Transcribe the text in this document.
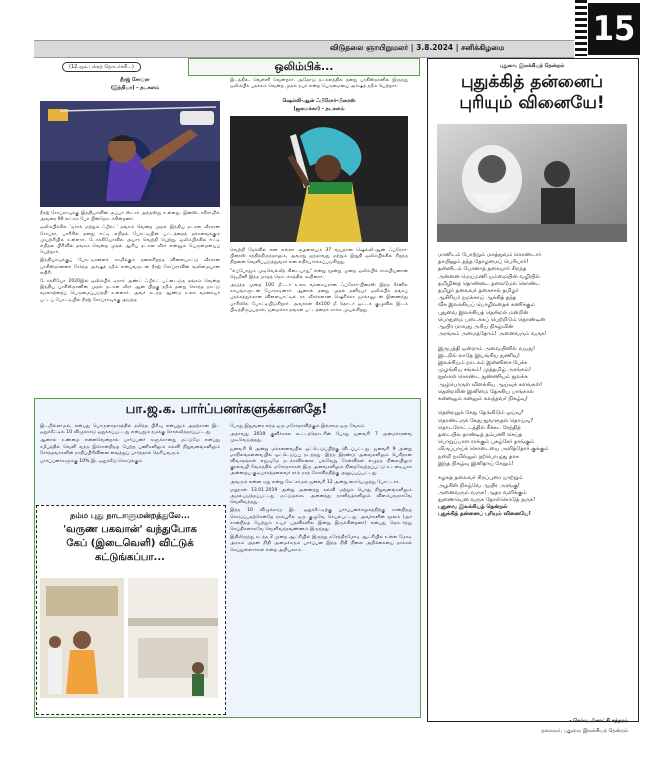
விடுதலை ஞாயிறுமலர் | 3.8.2024 | சனிக்கிழமை	15
(12ஆம் பக்கத் தொடர்ச்சி...)
நீரஜ் சோப்ரா
(இந்தியா) - தடகளம்

நீரஜ் சோப்ராவுக்கு இந்தியாவின் சூப்பர் ஸ்டார் அந்தஸ்து உள்ளது. இன்ஸ்டாகிராமில் அவரை 90 லட்சம் பேர் பின்தொடர்கின்றனர்.

ஒலிம்பிக்கில் 'டிராக் மற்றும் ஃபீல்ட்' தங்கம் வென்ற முதல் இந்திய தடகள வீரரான சோப்ரா, பாரிசில் தனது ஈட்டி எறிதல் போட்டியின் பட்டத்தைத் தக்கவைக்கும் முயற்சியில் உள்ளார். டோக்கியோவில் அபார வெற்றி பெற்று, ஒலிம்பிக்கில் ஈட்டி எறிதல் பிரிவில் தங்கம் வென்ற முதல் ஆசிய தடகள வீரர் என்னும் பெருமையைப் பெற்றார்.

இந்தியாவுக்குப் போட்டிகளைக் காமிக்கும் தலைசிறந்த விளையாட்டு வீரரான பாகிஸ்தானைச் சேர்ந்த அர்ஷத் நதீம் என்பவருடன் நீரஜ் சோப்ராவின் வலிமையான எதிரி.

டோக்கியோ 2020இல் ஒலிம்பிக் டிராக் அண்ட் ஃபீல்ட் பட்டைஞ்த தங்கம் வென்ற இந்திய பாகிஸ்தானின் முதல் தடகள வீரர் ஆன பிறகு நதீம் தனது சொந்த நாட்டு வரலாற்றைப் பெருமைப்படுத்தி உள்ளார். அவர் கடந்த ஆண்டு உலக வாகையர் பட்டப் போட்டியில் நீரஜ் சோப்ராவுக்கு அடுத்த

ஒலிம்பிக்...
இடத்தில், வெள்ளி வென்றார். அதோடு தடகளத்தில் தனது பாகிஸ்தானில் இருந்து ஒலிம்பிக் பதக்கம் வென்ற முதல் நபர் என்ற பெருமையை அர்ஷத் நதீம் பெற்றார்.
ஷெல்லி-ஆன் ஃபிரேசர்-பிரைஸ்
(ஜமைக்கா) - தடகளம்

வெற்றி தேர்வில் என எல்லா சூழலையும் 37 வயதான ஷெல்லி-ஆன் ஃப்ரேசர்-பிரைஸ் சந்தித்திருந்தாலும், அவரது ஐந்தாவது மற்றும் இறுதி ஒலிம்பிக்கில் சிறந்த திறனை வெளிப்படுத்துவார் என எதிர்பார்க்கப்படுகிறது.

"எப்போதும் முடிவெல்லீத் கிடையாது" என்று மூன்று முறை ஒலிம்பிக் சாம்பியனான ஜெமினி இந்த மாதத் தொடக்கத்தில் கூறினார்.

அடுத்த முறை 100 மீட்டர் உலக வாகையரான ஃப்ரேசர்-பிரைஸ் இந்த சீசனில் காயங்களுடன் போராடினார். ஆனால் தனது முதல் தனிநபர் ஒலிம்பிக் தங்கப் பதக்கத்துக்கான விளையாட்டில் சக வீரர்களான ஷெரிக்கா ஜாக்சனுடன் இணைந்து பாரிஸில் போட்டியிடுகிறார். அவர்கள் 4x100 மீ தொடர் ஓட்டக் குழுவில் இடம் பிடித்திருப்பதால், ஜமைக்கா தங்கள் பட்டத்தைக் காக்க முயல்கிறது.

புதுவை இலக்கியத் தென்றல்
புதுக்கித் தன்னைப்
புரியும் வினையே!
மானிடம் போற்றும் மகத்துவம் கொண்டார்
தாயினும் தந்த தோழமைப் பெரியார்!
தன்னிடம் போனாத் தகையார் சிறந்த
அன்னை மெய்மணி யம்மையின் வழியில்
தமிழினத் தொண்டை தலைமேல் கொண்ட
தமிழர் தலைவர் தகைசால் தமிழர்
ஆசிரியர் நமக்காய் ஆக்கித் தந்த
வீசு இலக்கியப் பொழிலதைக் கணிக்கும்
புதுவை இலக்கியத் தென்றல் மன்றின்
பொதுமை படைக்கப் பெற்றிடும் தொண்டின்
ஆயிர மாவது அரிய நிகழ்வின்
அரங்கம் அமைத்தோம்! அனைவரும் வருக!

இருபத்தி ஒன்றாம் அவையினில் வயது!
இடறில் லாதே இயங்கிய துணிவு!
இலக்கியம் நாடகம் இன்னிசை பேச்சு
முழங்கிய சங்கம்! முத்தமிழ் அரங்கம்!
நூல்கள் கொண்ட நுண்ணியம் துலக்க
ஆழ்பொருள் விளக்கிய ஆய்வுக் களங்கள்!
தென்றலின் இனிமை தேசுகிய பாங்கால்
கன்னலும் கனலும் கலந்தவர் நிகழ்வு!

தென்றலுக் கேது தேங்கிடும் ஓய்வு?
தொண்டருக் கேது துவளுதல் தொய்வு?
தொடரோட் டத்தில் கீச்சுட ரேந்தித்
தடையில தாண்டித் தம்பணி செய்த
பொறுப்பாள ராக்கும் புகழ்சேர் தாங்கும்
விருப்பாய்க் கொடையை அளித்தோர் குக்கும்
நன்றி நவில்லும் நற்பொழுது தாக
இந்த நிகழ்வு இனிதாய் கேறும்!

கழகத் தலைவர் சிறப்புரை யாற்றும்
அழகின் நிகழ்வே ஆயிர அரங்கு!
அனைவரும் வருக! ஆதர வளிக்கும்
துணையென வருக தோள்கொடுத் தருக!
புதுவை இலக்கியத் தென்றல்
புதுக்கித் தன்னைப் புரியும் வினையே!
- செல்வ மீனாட்சி சுந்தரம்
தலைவர், புதுவை இலக்கியத் தென்றல்
பா.ஜ.க. பார்ப்பனர்களுக்கானதே!

இடமில்லாமல், என்பது பொருளாதாரத்தில் நலிந்த பிரிவு என்பதும் அதற்கான இட ஒதுக்கீட்டில் 10 விழுக்காடு ஒதுக்கப்பட்டது என்பதும் நமக்கு சொல்லித்தரப்பட்டது.

ஆனால் உண்மை என்னவென்றால் பார்ப்பனர் களுக்கானது மட்டுமே என்பது சமீபத்தில் வெளி வந்த இச்சான்றிதழ் பெற்ற பணிகளிலும் கல்வி நிறுவனங்களிலும் சேர்ந்தவர்களின் நாதிப்பிரிவினை வைத்துப் பார்த்தால் தெரியவரும்.

பார்ப்பனர்களுக்கு 10% இடஒதுக்கீடு கொடுக்கும்

போது இதுவரை எந்த ஒரு மசோதாவிற்கும் இல்லாத ஒரு வேகம்.

அதாவது 2019 குளிர்கால கூட்டத்தொடரின் போது ஜனவரி 7 அமைச்சரவை முடிவெடுத்தது.

ஜனவரி 8 அன்று மக்களவையில் ஓட்டெடுப்பிற்கு விடப்பட்டது. ஜனவரி 9 அன்று மாநிலங்களவையில் ஓட்டெடுப்பு நடந்தது. இந்த இரண்டு அவைகளிலும் பெரிதான விவாதங்கள் எதுவுமே நடக்கவில்லை. பல்வேறு கேள்விகள் எழுந்த நிலையிலும் குரல்வழி வேகத்தில் மசோதாக்கள் இரு அவைகளிலும் நிறைவேற்றப்பட்டு உடனடியாக அன்றைய குடியரசுத்தலைவர் ராம் நாத் கோவிந்திற்கு அனுப்பப்பட்டது.

அவரும் என்ன ஏது என்று கேட்காமல் ஜனவரி 12 அன்று கையெழுத்து போட்டார்.

மறுநாள் 13.01.2019 அன்று அனைத்து கல்வி மற்றும் பொது நிறுவனங்களிலும் அமல்படுத்தப்பட்டது மட்டுமல்ல, அனைத்து நாளிதழ்களிலும் விளம்பரமாகவே வெளிவந்தது.

இந்த 10 விழுக்காடு இட ஒதுக்கீட்டிற்கு பார்ப்பனச்சமூகத்திற்கு சான்றிதழ் கொடுப்பதற்கென்றே நாக்பூரில் ஒரு குழுவே செயல்பட்டது. அவர்களின் மூலம் (அச் சான்றிதழ் பெற்றும் உயர் பதவிகளில் இன்று இருக்கின்றனர்) என்பது தொடர்ந்து செய்திகளாகவே வெளிவந்தவண்ணம் இருந்தது.

இதிலிருந்து கடந்த 2 முறை ஆட்சியில் இருந்து நரேந்திரமோடி ஆட்சியில் உள்ள மோடி அரசும் அதன் நிதி அமைச்சரும் பார்ப்பன இந்த நிதி நிலை அறிக்கையை தாக்கல் செய்துள்ளார்கள் என்ற அறியலாம்.

நம்ம புது நாடாளுமன்றத்துலே...
'வருண பகவான்' வந்துபோக
கேப் (இடைவெளி) விட்டுக்
கட்டுங்கப்பா...
